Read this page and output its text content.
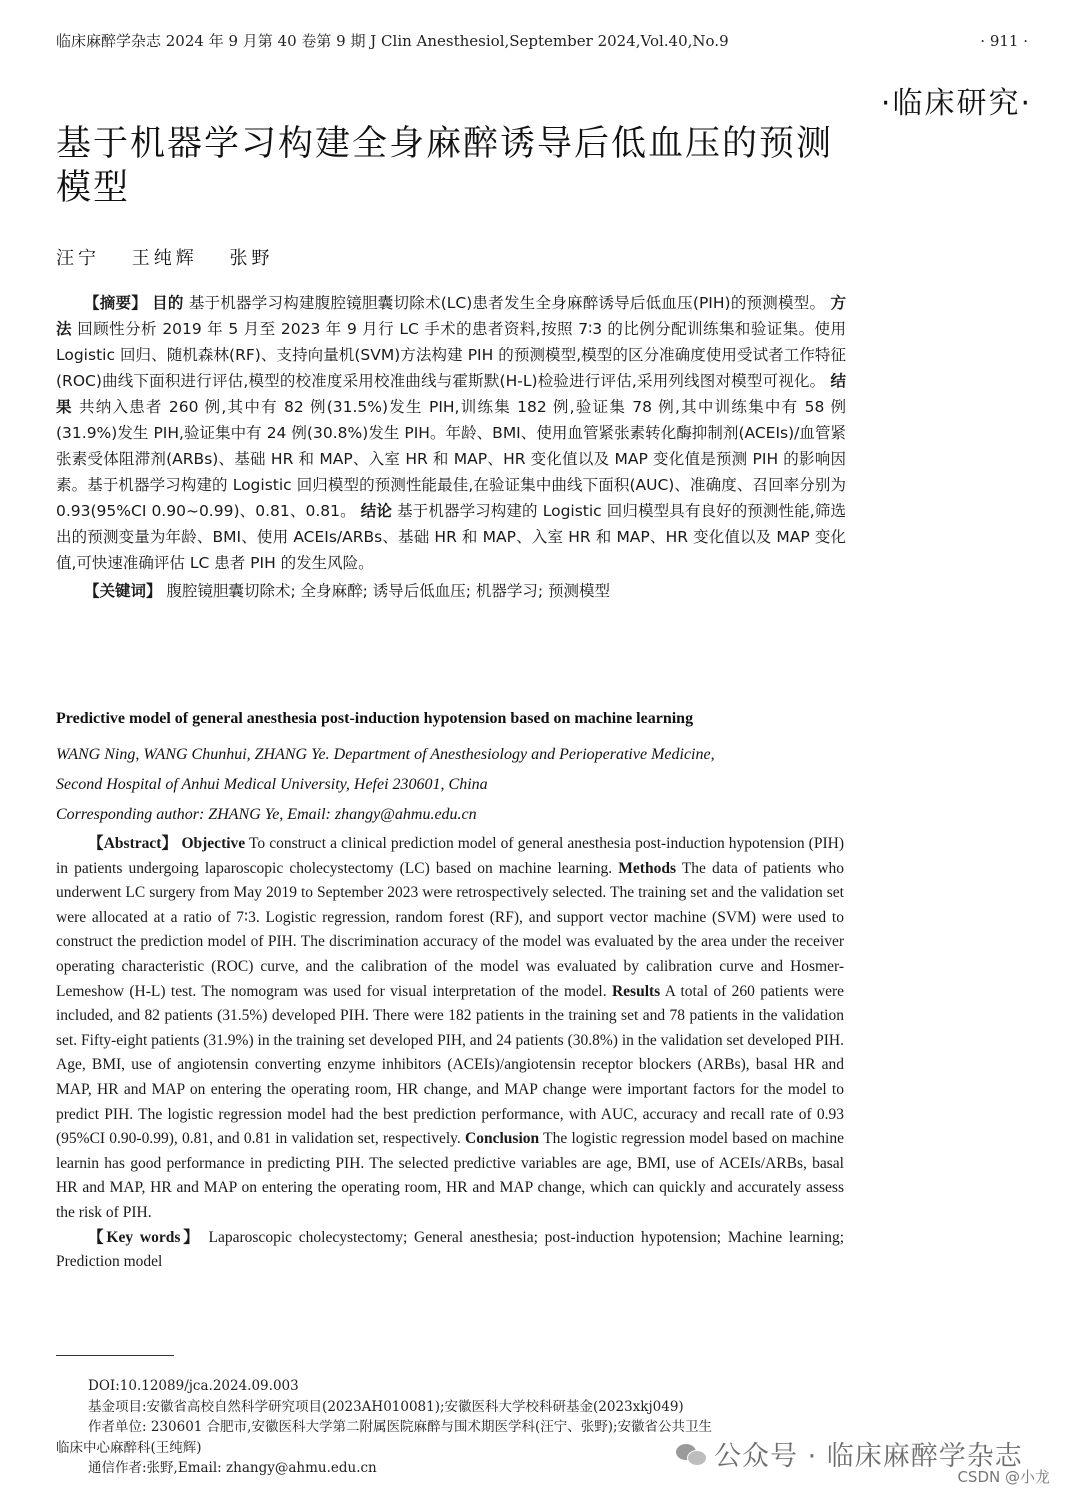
临床麻醉学杂志 2024 年 9 月第 40 卷第 9 期 J Clin Anesthesiol,September 2024,Vol.40,No.9	· 911 ·
·临床研究·
基于机器学习构建全身麻醉诱导后低血压的预测
模型
汪宁 王纯辉 张野

【摘要】 目的 基于机器学习构建腹腔镜胆囊切除术(LC)患者发生全身麻醉诱导后低血压(PIH)的预测模型。 方法 回顾性分析 2019 年 5 月至 2023 年 9 月行 LC 手术的患者资料,按照 7∶3 的比例分配训练集和验证集。使用 Logistic 回归、随机森林(RF)、支持向量机(SVM)方法构建 PIH 的预测模型,模型的区分准确度使用受试者工作特征(ROC)曲线下面积进行评估,模型的校准度采用校准曲线与霍斯默(H-L)检验进行评估,采用列线图对模型可视化。 结果 共纳入患者 260 例,其中有 82 例(31.5%)发生 PIH,训练集 182 例,验证集 78 例,其中训练集中有 58 例(31.9%)发生 PIH,验证集中有 24 例(30.8%)发生 PIH。年龄、BMI、使用血管紧张素转化酶抑制剂(ACEIs)/血管紧张素受体阻滞剂(ARBs)、基础 HR 和 MAP、入室 HR 和 MAP、HR 变化值以及 MAP 变化值是预测 PIH 的影响因素。基于机器学习构建的 Logistic 回归模型的预测性能最佳,在验证集中曲线下面积(AUC)、准确度、召回率分别为 0.93(95%CI 0.90~0.99)、0.81、0.81。 结论 基于机器学习构建的 Logistic 回归模型具有良好的预测性能,筛选出的预测变量为年龄、BMI、使用 ACEIs/ARBs、基础 HR 和 MAP、入室 HR 和 MAP、HR 变化值以及 MAP 变化值,可快速准确评估 LC 患者 PIH 的发生风险。

【关键词】 腹腔镜胆囊切除术; 全身麻醉; 诱导后低血压; 机器学习; 预测模型

Predictive model of general anesthesia post-induction hypotension based on machine learning
WANG Ning, WANG Chunhui, ZHANG Ye. Department of Anesthesiology and Perioperative Medicine,
Second Hospital of Anhui Medical University, Hefei 230601, China
Corresponding author: ZHANG Ye, Email: zhangy@ahmu.edu.cn

【Abstract】 Objective To construct a clinical prediction model of general anesthesia post-induction hypotension (PIH) in patients undergoing laparoscopic cholecystectomy (LC) based on machine learning. Methods The data of patients who underwent LC surgery from May 2019 to September 2023 were retrospectively selected. The training set and the validation set were allocated at a ratio of 7∶3. Logistic regression, random forest (RF), and support vector machine (SVM) were used to construct the prediction model of PIH. The discrimination accuracy of the model was evaluated by the area under the receiver operating characteristic (ROC) curve, and the calibration of the model was evaluated by calibration curve and Hosmer-Lemeshow (H-L) test. The nomogram was used for visual interpretation of the model. Results A total of 260 patients were included, and 82 patients (31.5%) developed PIH. There were 182 patients in the training set and 78 patients in the validation set. Fifty-eight patients (31.9%) in the training set developed PIH, and 24 patients (30.8%) in the validation set developed PIH. Age, BMI, use of angiotensin converting enzyme inhibitors (ACEIs)/angiotensin receptor blockers (ARBs), basal HR and MAP, HR and MAP on entering the operating room, HR change, and MAP change were important factors for the model to predict PIH. The logistic regression model had the best prediction performance, with AUC, accuracy and recall rate of 0.93 (95%CI 0.90-0.99), 0.81, and 0.81 in validation set, respectively. Conclusion The logistic regression model based on machine learnin has good performance in predicting PIH. The selected predictive variables are age, BMI, use of ACEIs/ARBs, basal HR and MAP, HR and MAP on entering the operating room, HR and MAP change, which can quickly and accurately assess the risk of PIH.

【Key words】 Laparoscopic cholecystectomy; General anesthesia; post-induction hypotension; Machine learning; Prediction model

DOI:10.12089/jca.2024.09.003
基金项目:安徽省高校自然科学研究项目(2023AH010081);安徽医科大学校科研基金(2023xkj049)
作者单位: 230601 合肥市,安徽医科大学第二附属医院麻醉与围术期医学科(汪宁、张野);安徽省公共卫生
临床中心麻醉科(王纯辉)
通信作者:张野,Email: zhangy@ahmu.edu.cn	公众号 · 临床麻醉学杂志
CSDN @小龙
